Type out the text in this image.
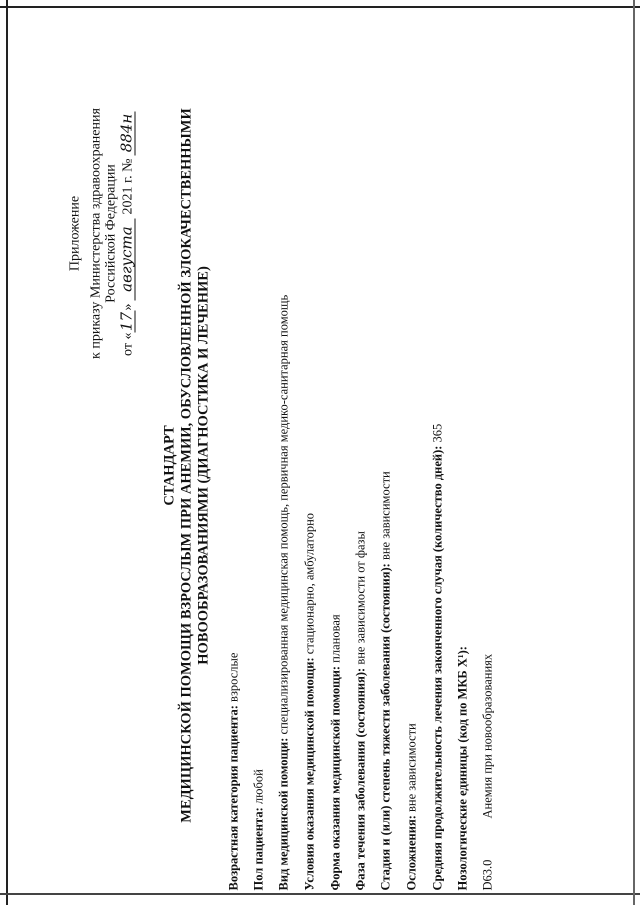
Приложение к приказу Министерства здравоохранения Российской Федерации
от «17» августа 2021 г. № 884н
СТАНДАРТ МЕДИЦИНСКОЙ ПОМОЩИ ВЗРОСЛЫМ ПРИ АНЕМИИ, ОБУСЛОВЛЕННОЙ ЗЛОКАЧЕСТВЕННЫМИ НОВООБРАЗОВАНИЯМИ (ДИАГНОСТИКА И ЛЕЧЕНИЕ)
Возрастная категория пациента: взрослые
Пол пациента: любой Вид медицинской помощи: специализированная медицинская помощь, первичная медико-санитарная помощь
Условия оказания медицинской помощи: стационарно, амбулаторно
Форма оказания медицинской помощи: плановая
Фаза течения заболевания (состояния): вне зависимости от фазы Стадия и (или) степень тяжести заболевания (состояния): вне зависимости
Осложнения: вне зависимости Средняя продолжительность лечения законченного случая (количество дней): 365
Нозологические единицы (код по МКБ X¹): D63.0
Анемия при новообразованиях
